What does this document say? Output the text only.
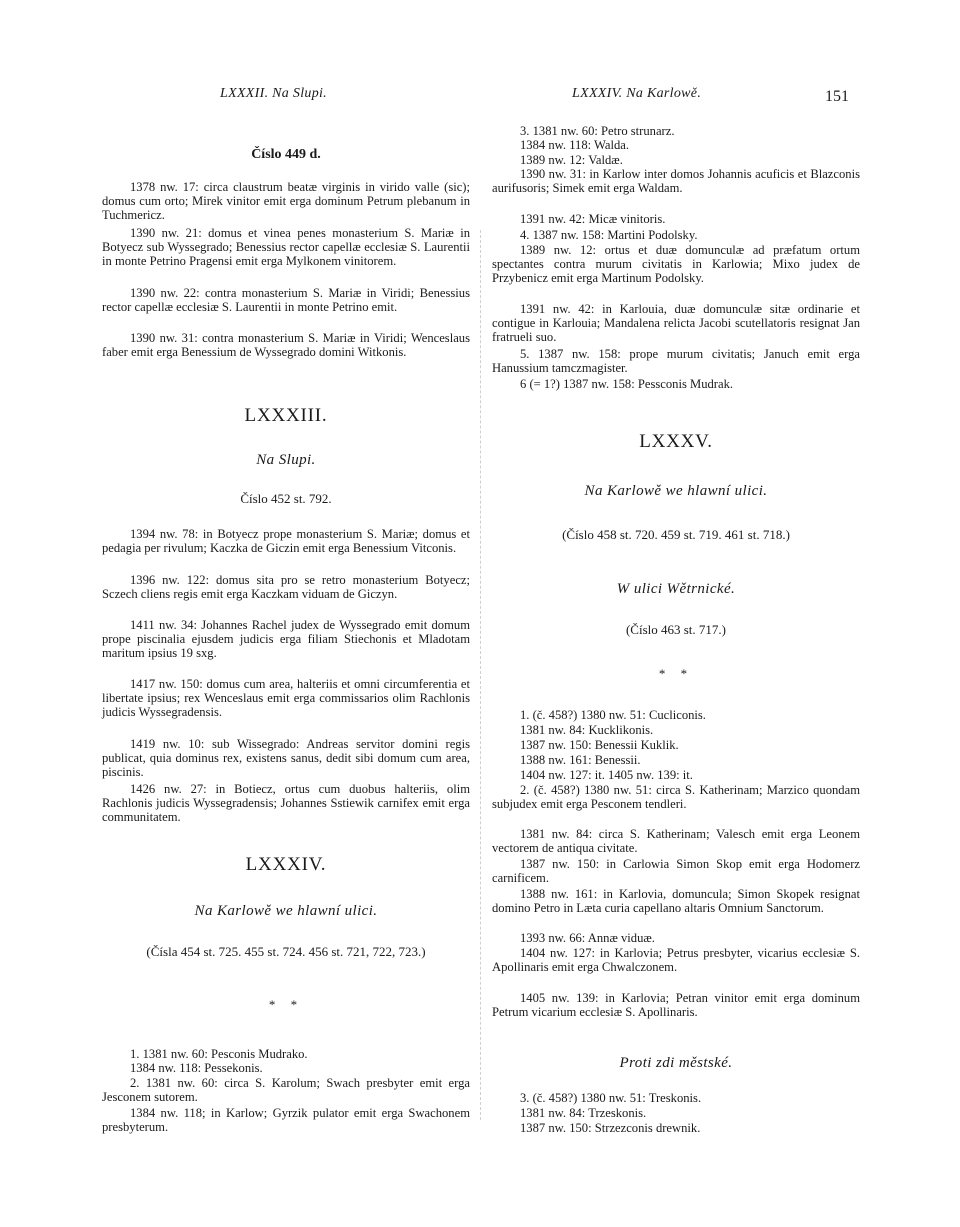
LXXXII. Na Slupi.	LXXXIV. Na Karlowě.	151
Číslo 449 d.

1378 nw. 17: circa claustrum beatæ virginis in virido valle (sic); domus cum orto; Mirek vinitor emit erga dominum Petrum plebanum in Tuchmericz.

1390 nw. 21: domus et vinea penes monasterium S. Mariæ in Botyecz sub Wyssegrado; Benessius rector capellæ ecclesiæ S. Laurentii in monte Petrino Pragensi emit erga Mylkonem vinitorem.

1390 nw. 22: contra monasterium S. Mariæ in Viridi; Benessius rector capellæ ecclesiæ S. Laurentii in monte Petrino emit.

1390 nw. 31: contra monasterium S. Mariæ in Viridi; Wenceslaus faber emit erga Benessium de Wyssegrado domini Witkonis.

LXXXIII.
Na Slupi.
Číslo 452 st. 792.

1394 nw. 78: in Botyecz prope monasterium S. Mariæ; domus et pedagia per rivulum; Kaczka de Giczin emit erga Benessium Vitconis.

1396 nw. 122: domus sita pro se retro monasterium Botyecz; Sczech cliens regis emit erga Kaczkam viduam de Giczyn.

1411 nw. 34: Johannes Rachel judex de Wyssegrado emit domum prope piscinalia ejusdem judicis erga filiam Stiechonis et Mladotam maritum ipsius 19 sxg.

1417 nw. 150: domus cum area, halteriis et omni circumferentia et libertate ipsius; rex Wenceslaus emit erga commissarios olim Rachlonis judicis Wyssegradensis.

1419 nw. 10: sub Wissegrado: Andreas servitor domini regis publicat, quia dominus rex, existens sanus, dedit sibi domum cum area, piscinis.

1426 nw. 27: in Botiecz, ortus cum duobus halteriis, olim Rachlonis judicis Wyssegradensis; Johannes Sstiewik carnifex emit erga communitatem.

LXXXIV.
Na Karlowě we hlawní ulici.
(Čísla 454 st. 725. 455 st. 724. 456 st. 721, 722, 723.)
* *

1. 1381 nw. 60: Pesconis Mudrako.

1384 nw. 118: Pessekonis.

2. 1381 nw. 60: circa S. Karolum; Swach presbyter emit erga Jesconem sutorem.

1384 nw. 118; in Karlow; Gyrzik pulator emit erga Swachonem presbyterum.

3. 1381 nw. 60: Petro strunarz.

1384 nw. 118: Walda.

1389 nw. 12: Valdæ.

1390 nw. 31: in Karlow inter domos Johannis acuficis et Blazconis aurifusoris; Simek emit erga Waldam.

1391 nw. 42: Micæ vinitoris.

4. 1387 nw. 158: Martini Podolsky.

1389 nw. 12: ortus et duæ domunculæ ad præfatum ortum spectantes contra murum civitatis in Karlowia; Mixo judex de Przybenicz emit erga Martinum Podolsky.

1391 nw. 42: in Karlouia, duæ domunculæ sitæ ordinarie et contigue in Karlouia; Mandalena relicta Jacobi scutellatoris resignat Jan fratrueli suo.

5. 1387 nw. 158: prope murum civitatis; Januch emit erga Hanussium tamczmagister.

6 (= 1?) 1387 nw. 158: Pessconis Mudrak.

LXXXV.
Na Karlowě we hlawní ulici.
(Číslo 458 st. 720. 459 st. 719. 461 st. 718.)
W ulici Wětrnické.
(Číslo 463 st. 717.)
* *

1. (č. 458?) 1380 nw. 51: Cucliconis.

1381 nw. 84: Kucklikonis.

1387 nw. 150: Benessii Kuklik.

1388 nw. 161: Benessii.

1404 nw. 127: it. 1405 nw. 139: it.

2. (č. 458?) 1380 nw. 51: circa S. Katherinam; Marzico quondam subjudex emit erga Pesconem tendleri.

1381 nw. 84: circa S. Katherinam; Valesch emit erga Leonem vectorem de antiqua civitate.

1387 nw. 150: in Carlowia Simon Skop emit erga Hodomerz carnificem.

1388 nw. 161: in Karlovia, domuncula; Simon Skopek resignat domino Petro in Læta curia capellano altaris Omnium Sanctorum.

1393 nw. 66: Annæ viduæ.

1404 nw. 127: in Karlovia; Petrus presbyter, vicarius ecclesiæ S. Apollinaris emit erga Chwalczonem.

1405 nw. 139: in Karlovia; Petran vinitor emit erga dominum Petrum vicarium ecclesiæ S. Apollinaris.

Proti zdi městské.

3. (č. 458?) 1380 nw. 51: Treskonis.

1381 nw. 84: Trzeskonis.

1387 nw. 150: Strzezconis drewnik.
